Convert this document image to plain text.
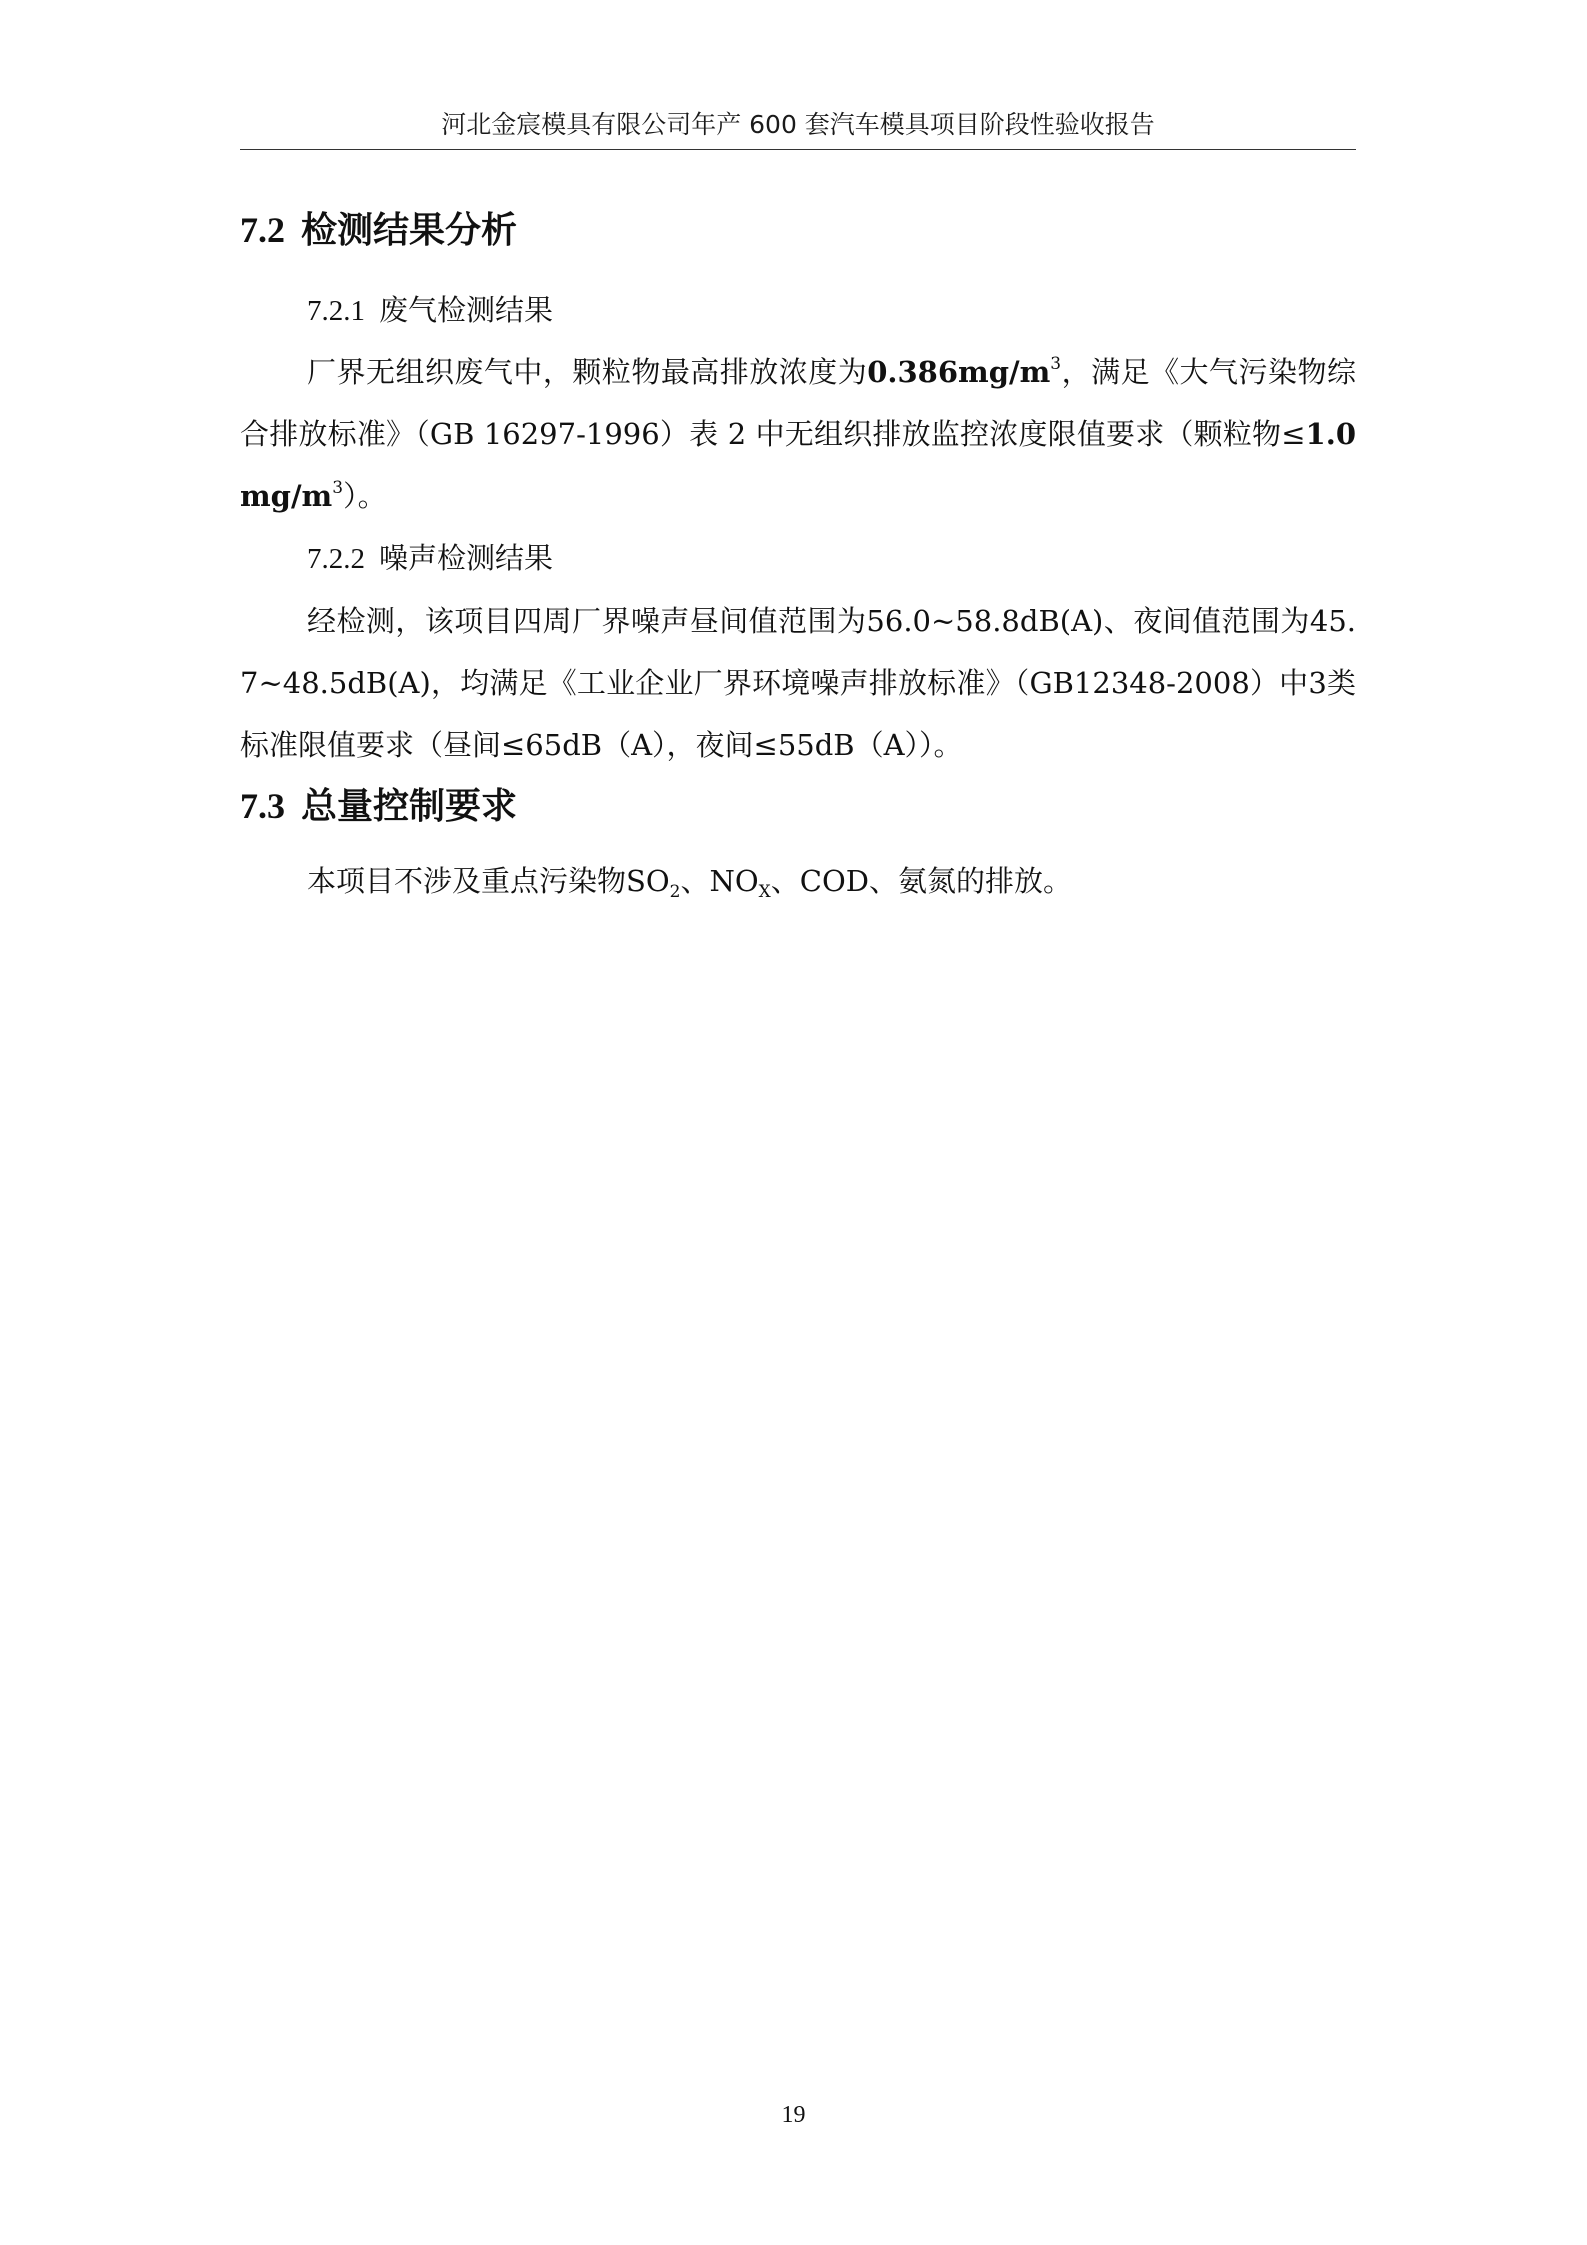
河北金宸模具有限公司年产 600 套汽车模具项目阶段性验收报告
7.2 检测结果分析
7.2.1 废气检测结果
厂界无组织废气中，颗粒物最高排放浓度为$0.386mg/m^3$，满足《大气污染物综合排放标准》（GB 16297-1996）表 2 中无组织排放监控浓度限值要求（颗粒物$\le 1.0mg/m^3$）。
7.2.2 噪声检测结果
经检测，该项目四周厂界噪声昼间值范围为56.0~58.8dB(A)、夜间值范围为45.7~48.5dB(A)，均满足《工业企业厂界环境噪声排放标准》（GB12348-2008）中3类标准限值要求（昼间≤65dB（A），夜间≤55dB（A））。
7.3 总量控制要求
本项目不涉及重点污染物$SO_2$、$NO_X$、COD、氨氮的排放。
19
